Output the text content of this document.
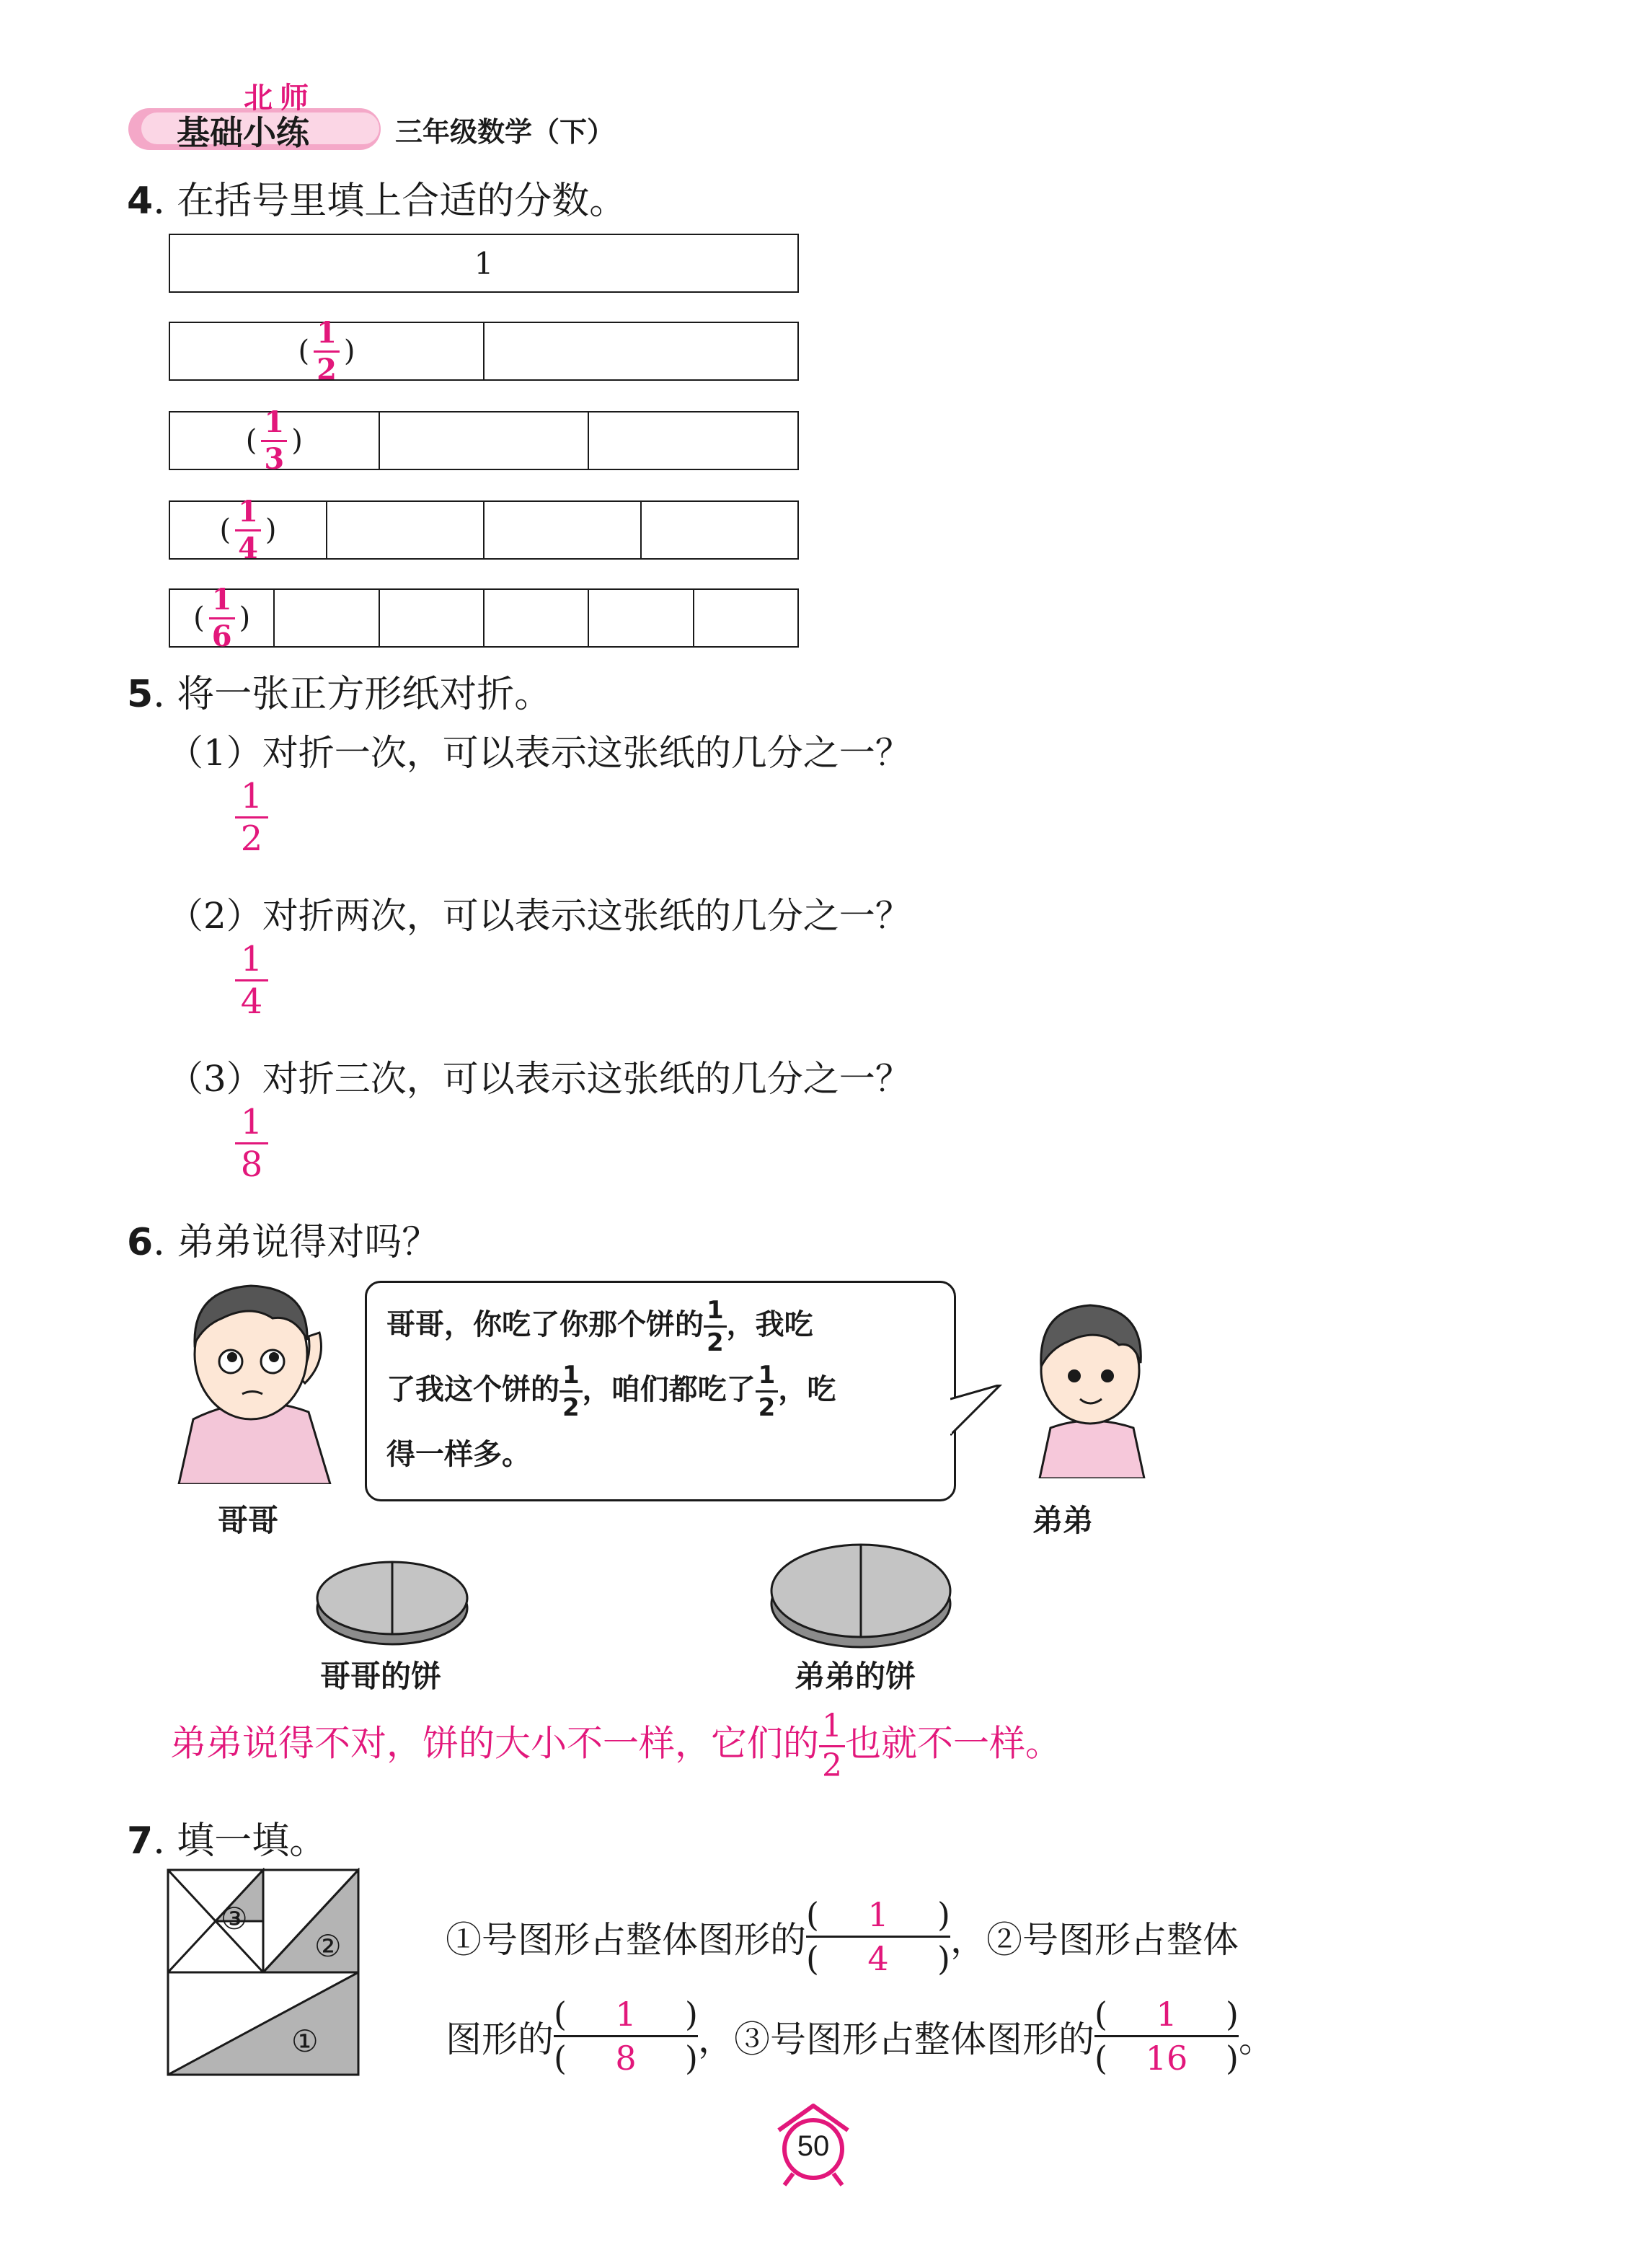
北师
基础小练	三年级数学（下）
4. 在括号里填上合适的分数。
1
( $\frac{1}{2}$ )
( $\frac{1}{3}$ )
( $\frac{1}{4}$ )
( $\frac{1}{6}$ )
5. 将一张正方形纸对折。
（1）对折一次，可以表示这张纸的几分之一？
$\frac{1}{2}$
（2）对折两次，可以表示这张纸的几分之一？
$\frac{1}{4}$
（3）对折三次，可以表示这张纸的几分之一？
$\frac{1}{8}$
6. 弟弟说得对吗？
哥哥
哥哥，你吃了你那个饼的 $\frac{1}{2}$ ，我吃
了我这个饼的 $\frac{1}{2}$ ，咱们都吃了 $\frac{1}{2}$ ，吃
得一样多。
弟弟
哥哥的饼	弟弟的饼
弟弟说得不对，饼的大小不一样，它们的 $\frac{1}{2}$ 也就不一样。
7. 填一填。
③
②
①
①号图形占整体图形的 $\frac{( 1 )}{( 4 )}$ ，②号图形占整体
图形的 $\frac{( 1 )}{( 8 )}$ ，③号图形占整体图形的 $\frac{( 1 )}{( 16 )}$ 。
50
